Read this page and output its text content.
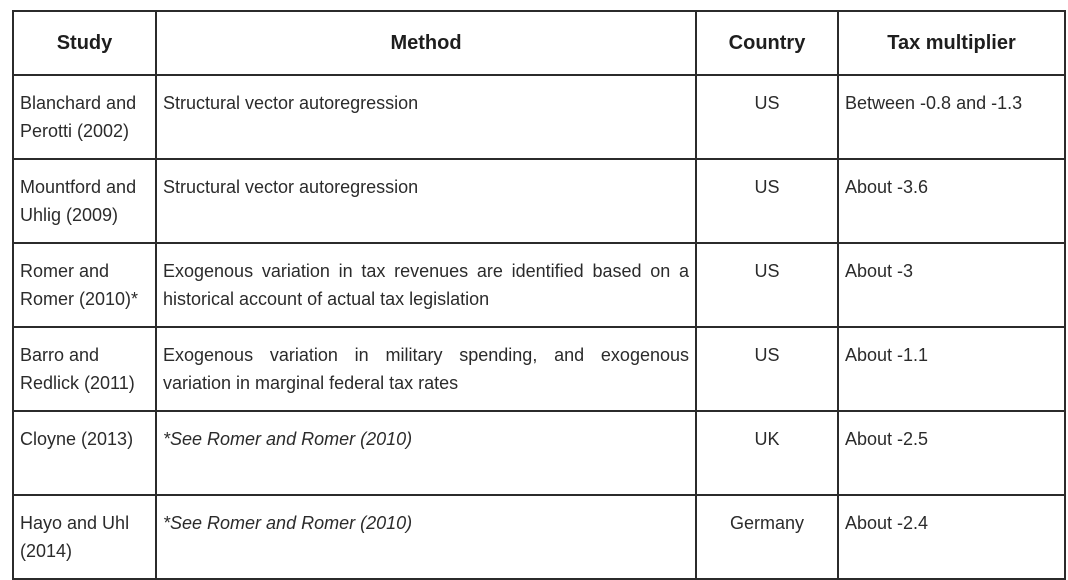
Study	Method	Country	Tax multiplier
Blanchard and Perotti (2002)	Structural vector autoregression	US	Between -0.8 and -1.3
Mountford and Uhlig (2009)	Structural vector autoregression	US	About -3.6
Romer and Romer (2010)*	Exogenous variation in tax revenues are identified based on a historical account of actual tax legislation	US	About -3
Barro and Redlick (2011)	Exogenous variation in military spending, and exogenous variation in marginal federal tax rates	US	About -1.1
Cloyne (2013)	*See Romer and Romer (2010)	UK	About -2.5
Hayo and Uhl (2014)	*See Romer and Romer (2010)	Germany	About -2.4
